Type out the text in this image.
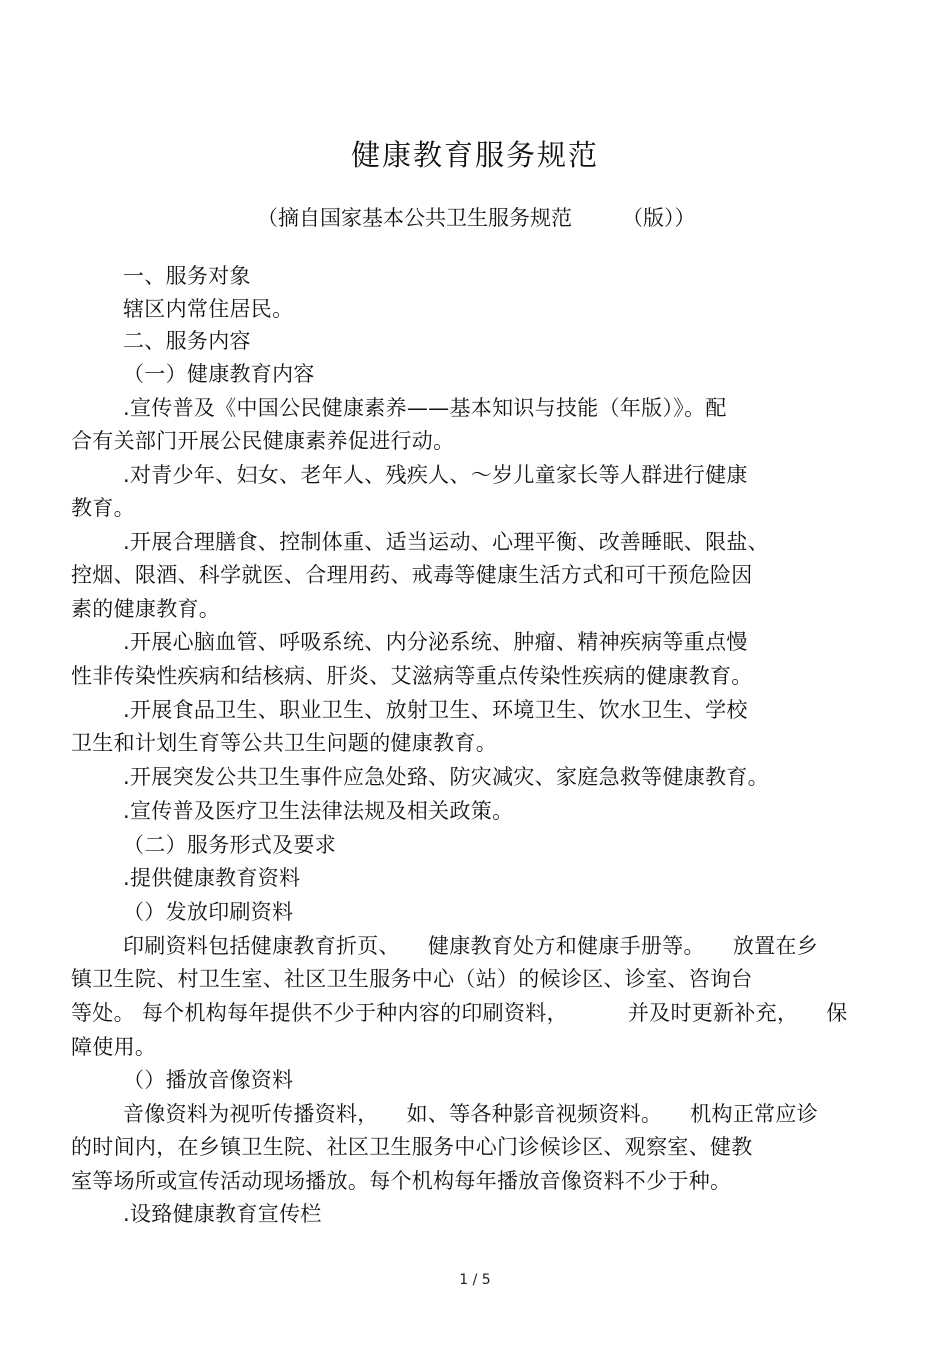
健康教育服务规范
（摘自国家基本公共卫生服务规范 （版））
一、服务对象
辖区内常住居民。
二、服务内容
（一）健康教育内容
.宣传普及《中国公民健康素养——基本知识与技能（年版）》。配
合有关部门开展公民健康素养促进行动。
.对青少年、妇女、老年人、残疾人、～岁儿童家长等人群进行健康
教育。
.开展合理膳食、控制体重、适当运动、心理平衡、改善睡眠、限盐、
控烟、限酒、科学就医、合理用药、戒毒等健康生活方式和可干预危险因
素的健康教育。
.开展心脑血管、呼吸系统、内分泌系统、肿瘤、精神疾病等重点慢
性非传染性疾病和结核病、肝炎、艾滋病等重点传染性疾病的健康教育。
.开展食品卫生、职业卫生、放射卫生、环境卫生、饮水卫生、学校
卫生和计划生育等公共卫生问题的健康教育。
.开展突发公共卫生事件应急处臵、防灾减灾、家庭急救等健康教育。
.宣传普及医疗卫生法律法规及相关政策。
（二）服务形式及要求
.提供健康教育资料
（）发放印刷资料
印刷资料包括健康教育折页、 健康教育处方和健康手册等。 放置在乡
镇卫生院、村卫生室、社区卫生服务中心（站）的候诊区、诊室、咨询台
等处。 每个机构每年提供不少于种内容的印刷资料，	并及时更新补充， 保
障使用。
（）播放音像资料
音像资料为视听传播资料， 如、等各种影音视频资料。 机构正常应诊
的时间内，在乡镇卫生院、社区卫生服务中心门诊候诊区、观察室、健教
室等场所或宣传活动现场播放。每个机构每年播放音像资料不少于种。
.设臵健康教育宣传栏
1 / 5
